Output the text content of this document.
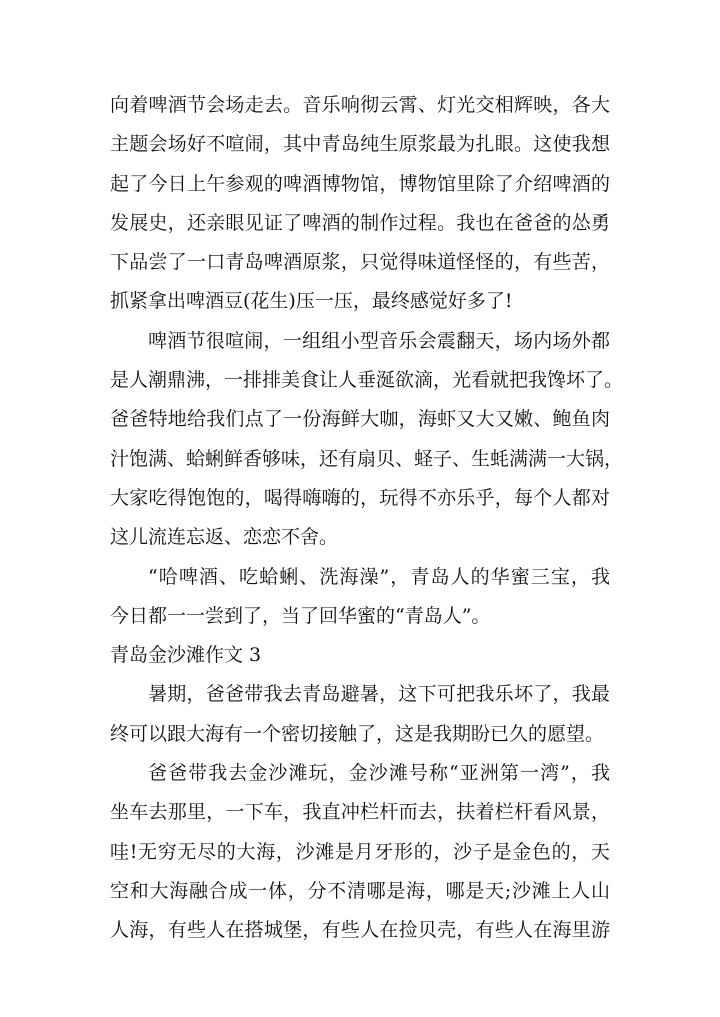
向着啤酒节会场走去。音乐响彻云霄、灯光交相辉映，各大
主题会场好不喧闹，其中青岛纯生原浆最为扎眼。这使我想
起了今日上午参观的啤酒博物馆，博物馆里除了介绍啤酒的
发展史，还亲眼见证了啤酒的制作过程。我也在爸爸的怂勇
下品尝了一口青岛啤酒原浆，只觉得味道怪怪的，有些苦，
抓紧拿出啤酒豆(花生)压一压，最终感觉好多了!
啤酒节很喧闹，一组组小型音乐会震翻天，场内场外都
是人潮鼎沸，一排排美食让人垂涎欲滴，光看就把我馋坏了。
爸爸特地给我们点了一份海鲜大咖，海虾又大又嫩、鲍鱼肉
汁饱满、蛤蜊鲜香够味，还有扇贝、蛏子、生蚝满满一大锅，
大家吃得饱饱的，喝得嗨嗨的，玩得不亦乐乎，每个人都对
这儿流连忘返、恋恋不舍。
“哈啤酒、吃蛤蜊、洗海澡”，青岛人的华蜜三宝，我
今日都一一尝到了，当了回华蜜的“青岛人”。
青岛金沙滩作文 3
暑期，爸爸带我去青岛避暑，这下可把我乐坏了，我最
终可以跟大海有一个密切接触了，这是我期盼已久的愿望。
爸爸带我去金沙滩玩，金沙滩号称“亚洲第一湾”，我
坐车去那里，一下车，我直冲栏杆而去，扶着栏杆看风景，
哇!无穷无尽的大海，沙滩是月牙形的，沙子是金色的，天
空和大海融合成一体，分不清哪是海，哪是天;沙滩上人山
人海，有些人在搭城堡，有些人在捡贝壳，有些人在海里游
